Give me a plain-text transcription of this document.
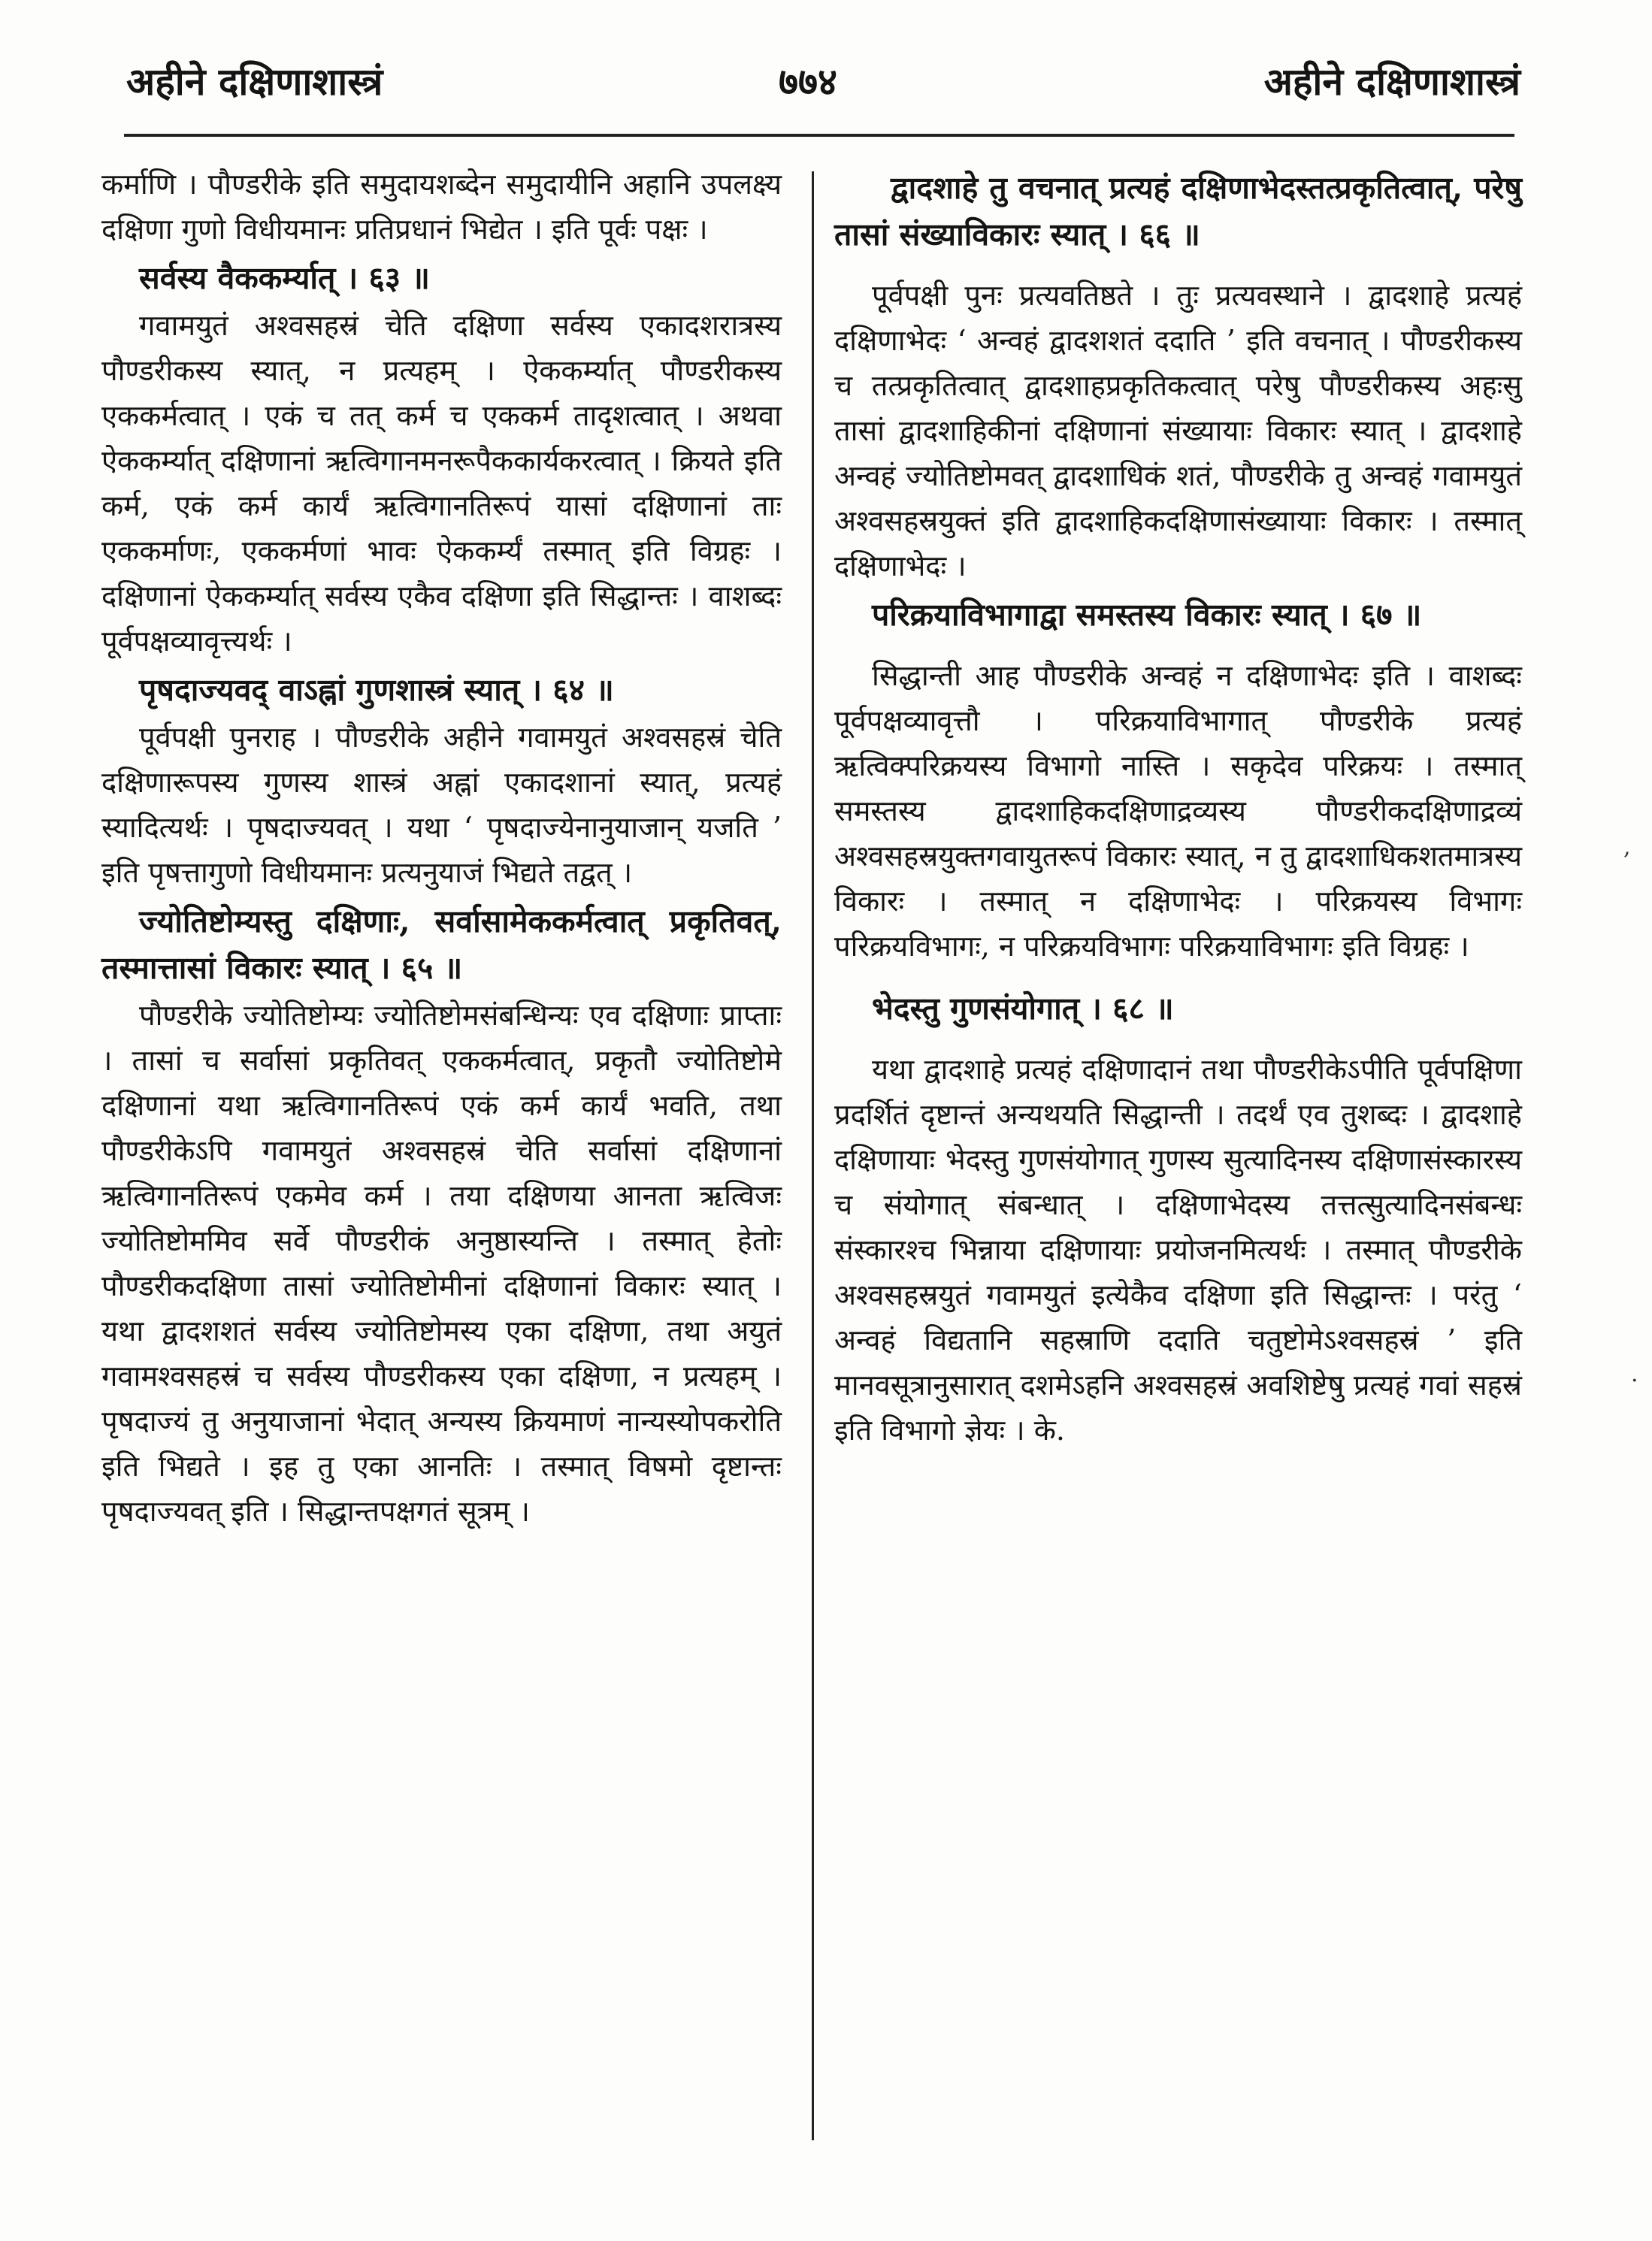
अहीने दक्षिणाशास्त्रं	७७४	अहीने दक्षिणाशास्त्रं

कर्माणि । पौण्डरीके इति समुदायशब्देन समुदायीनि अहानि उपलक्ष्य दक्षिणा गुणो विधीयमानः प्रतिप्रधानं भिद्येत । इति पूर्वः पक्षः ।

सर्वस्य वैककर्म्यात् । ६३ ॥

गवामयुतं अश्वसहस्रं चेति दक्षिणा सर्वस्य एकादशरात्रस्य पौण्डरीकस्य स्यात्, न प्रत्यहम् । ऐककर्म्यात् पौण्डरीकस्य एककर्मत्वात् । एकं च तत् कर्म च एककर्म तादृशत्वात् । अथवा ऐककर्म्यात् दक्षिणानां ऋत्विगानमनरूपैककार्यकरत्वात् । क्रियते इति कर्म, एकं कर्म कार्यं ऋत्विगानतिरूपं यासां दक्षिणानां ताः एककर्माणः, एककर्मणां भावः ऐककर्म्यं तस्मात् इति विग्रहः । दक्षिणानां ऐककर्म्यात् सर्वस्य एकैव दक्षिणा इति सिद्धान्तः । वाशब्दः पूर्वपक्षव्यावृत्त्यर्थः ।

पृषदाज्यवद् वाऽह्नां गुणशास्त्रं स्यात् । ६४ ॥

पूर्वपक्षी पुनराह । पौण्डरीके अहीने गवामयुतं अश्वसहस्रं चेति दक्षिणारूपस्य गुणस्य शास्त्रं अह्नां एकादशानां स्यात्, प्रत्यहं स्यादित्यर्थः । पृषदाज्यवत् । यथा ‘ पृषदाज्येनानुयाजान् यजति ’ इति पृषत्तागुणो विधीयमानः प्रत्यनुयाजं भिद्यते तद्वत् ।

ज्योतिष्टोम्यस्तु दक्षिणाः, सर्वासामेककर्मत्वात् प्रकृतिवत्, तस्मात्तासां विकारः स्यात् । ६५ ॥

पौण्डरीके ज्योतिष्टोम्यः ज्योतिष्टोमसंबन्धिन्यः एव दक्षिणाः प्राप्ताः । तासां च सर्वासां प्रकृतिवत् एककर्मत्वात्, प्रकृतौ ज्योतिष्टोमे दक्षिणानां यथा ऋत्विगानतिरूपं एकं कर्म कार्यं भवति, तथा पौण्डरीकेऽपि गवामयुतं अश्वसहस्रं चेति सर्वासां दक्षिणानां ऋत्विगानतिरूपं एकमेव कर्म । तया दक्षिणया आनता ऋत्विजः ज्योतिष्टोममिव सर्वे पौण्डरीकं अनुष्ठास्यन्ति । तस्मात् हेतोः पौण्डरीकदक्षिणा तासां ज्योतिष्टोमीनां दक्षिणानां विकारः स्यात् । यथा द्वादशशतं सर्वस्य ज्योतिष्टोमस्य एका दक्षिणा, तथा अयुतं गवामश्वसहस्रं च सर्वस्य पौण्डरीकस्य एका दक्षिणा, न प्रत्यहम् । पृषदाज्यं तु अनुयाजानां भेदात् अन्यस्य क्रियमाणं नान्यस्योपकरोति इति भिद्यते । इह तु एका आनतिः । तस्मात् विषमो दृष्टान्तः पृषदाज्यवत् इति । सिद्धान्तपक्षगतं सूत्रम् ।

द्वादशाहे तु वचनात् प्रत्यहं दक्षिणाभेदस्तत्प्रकृतित्वात्, परेषु तासां संख्याविकारः स्यात् । ६६ ॥

पूर्वपक्षी पुनः प्रत्यवतिष्ठते । तुः प्रत्यवस्थाने । द्वादशाहे प्रत्यहं दक्षिणाभेदः ‘ अन्वहं द्वादशशतं ददाति ’ इति वचनात् । पौण्डरीकस्य च तत्प्रकृतित्वात् द्वादशाहप्रकृतिकत्वात् परेषु पौण्डरीकस्य अहःसु तासां द्वादशाहिकीनां दक्षिणानां संख्यायाः विकारः स्यात् । द्वादशाहे अन्वहं ज्योतिष्टोमवत् द्वादशाधिकं शतं, पौण्डरीके तु अन्वहं गवामयुतं अश्वसहस्रयुक्तं इति द्वादशाहिकदक्षिणासंख्यायाः विकारः । तस्मात् दक्षिणाभेदः ।

परिक्रयाविभागाद्वा समस्तस्य विकारः स्यात् । ६७ ॥

सिद्धान्ती आह पौण्डरीके अन्वहं न दक्षिणाभेदः इति । वाशब्दः पूर्वपक्षव्यावृत्तौ । परिक्रयाविभागात् पौण्डरीके प्रत्यहं ऋत्विक्परिक्रयस्य विभागो नास्ति । सकृदेव परिक्रयः । तस्मात् समस्तस्य द्वादशाहिकदक्षिणाद्रव्यस्य पौण्डरीकदक्षिणाद्रव्यं अश्वसहस्रयुक्तगवायुतरूपं विकारः स्यात्, न तु द्वादशाधिकशतमात्रस्य विकारः । तस्मात् न दक्षिणाभेदः । परिक्रयस्य विभागः परिक्रयविभागः, न परिक्रयविभागः परिक्रयाविभागः इति विग्रहः ।

भेदस्तु गुणसंयोगात् । ६८ ॥

यथा द्वादशाहे प्रत्यहं दक्षिणादानं तथा पौण्डरीकेऽपीति पूर्वपक्षिणा प्रदर्शितं दृष्टान्तं अन्यथयति सिद्धान्ती । तदर्थं एव तुशब्दः । द्वादशाहे दक्षिणायाः भेदस्तु गुणसंयोगात् गुणस्य सुत्यादिनस्य दक्षिणासंस्कारस्य च संयोगात् संबन्धात् । दक्षिणाभेदस्य तत्तत्सुत्यादिनसंबन्धः संस्कारश्च भिन्नाया दक्षिणायाः प्रयोजनमित्यर्थः । तस्मात् पौण्डरीके अश्वसहस्रयुतं गवामयुतं इत्येकैव दक्षिणा इति सिद्धान्तः । परंतु ‘ अन्वहं विद्यतानि सहस्राणि ददाति चतुष्टोमेऽश्वसहस्रं ’ इति मानवसूत्रानुसारात् दशमेऽहनि अश्वसहस्रं अवशिष्टेषु प्रत्यहं गवां सहस्रं इति विभागो ज्ञेयः । के.

,
·
